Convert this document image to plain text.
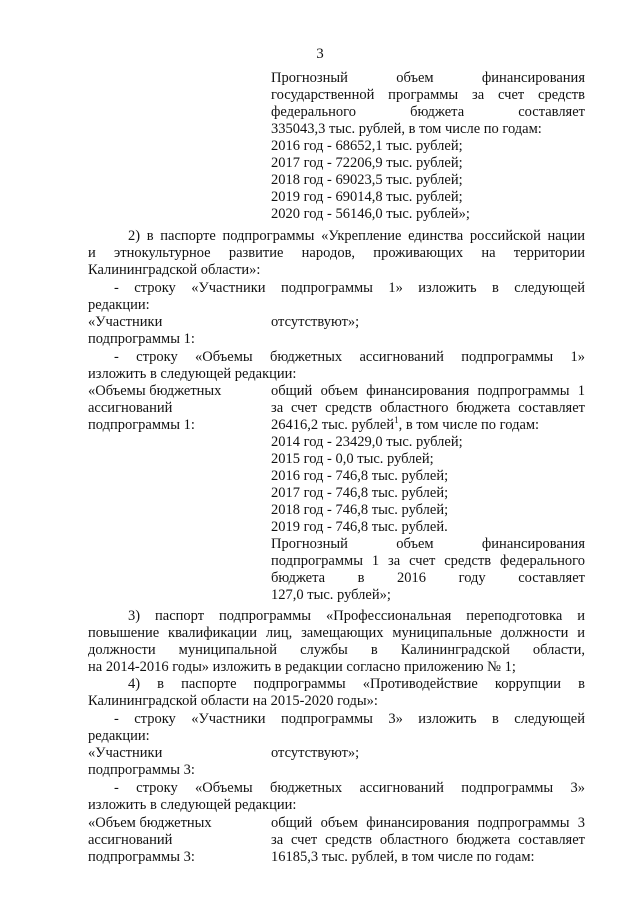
3
Прогнозный объем финансирования
государственной программы за счет средств
федерального бюджета составляет
335043,3 тыс. рублей, в том числе по годам:
2016 год - 68652,1 тыс. рублей;
2017 год - 72206,9 тыс. рублей;
2018 год - 69023,5 тыс. рублей;
2019 год - 69014,8 тыс. рублей;
2020 год - 56146,0 тыс. рублей»;
2) в паспорте подпрограммы «Укрепление единства российской нации
и этнокультурное развитие народов, проживающих на территории
Калининградской области»:
- строку «Участники подпрограммы 1» изложить в следующей
редакции:
«Участники
подпрограммы 1:
отсутствуют»;
- строку «Объемы бюджетных ассигнований подпрограммы 1»
изложить в следующей редакции:
«Объемы бюджетных
ассигнований
подпрограммы 1:
общий объем финансирования подпрограммы 1
за счет средств областного бюджета составляет
26416,2 тыс. рублей$^1$, в том числе по годам:
2014 год - 23429,0 тыс. рублей;
2015 год - 0,0 тыс. рублей;
2016 год - 746,8 тыс. рублей;
2017 год - 746,8 тыс. рублей;
2018 год - 746,8 тыс. рублей;
2019 год - 746,8 тыс. рублей.
Прогнозный объем финансирования
подпрограммы 1 за счет средств федерального
бюджета в 2016 году составляет
127,0 тыс. рублей»;
3) паспорт подпрограммы «Профессиональная переподготовка и
повышение квалификации лиц, замещающих муниципальные должности и
должности муниципальной службы в Калининградской области,
на 2014-2016 годы» изложить в редакции согласно приложению № 1;
4) в паспорте подпрограммы «Противодействие коррупции в
Калининградской области на 2015-2020 годы»:
- строку «Участники подпрограммы 3» изложить в следующей
редакции:
«Участники
подпрограммы 3:
отсутствуют»;
- строку «Объемы бюджетных ассигнований подпрограммы 3»
изложить в следующей редакции:
«Объем бюджетных
ассигнований
подпрограммы 3:
общий объем финансирования подпрограммы 3
за счет средств областного бюджета составляет
16185,3 тыс. рублей, в том числе по годам:
